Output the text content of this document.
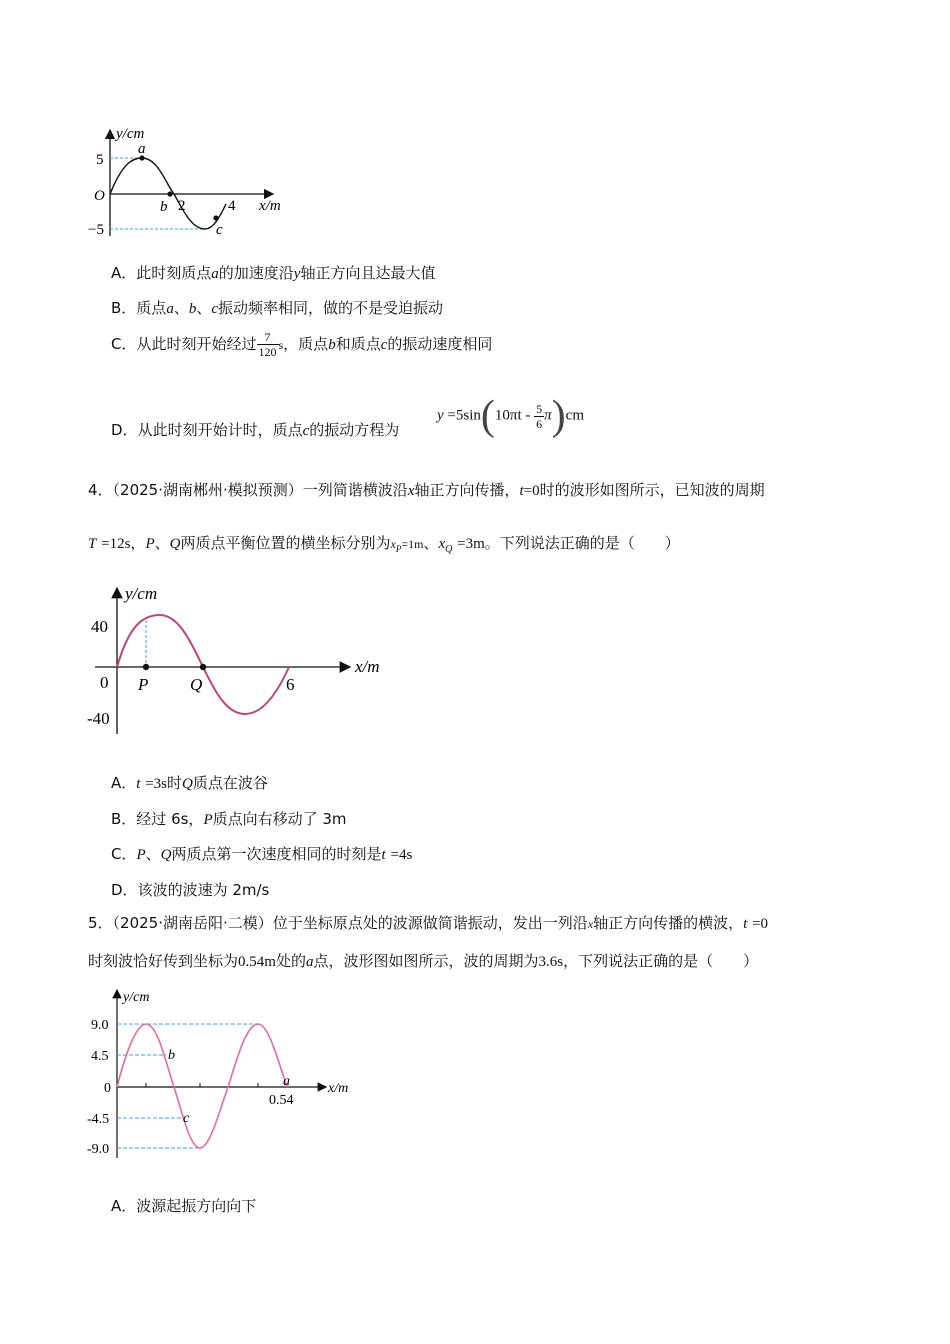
y/cm
5
−5
O
2	4 x/m
a
b
c
A．此时刻质点a的加速度沿y轴正方向且达最大值
B．质点a、b、c振动频率相同，做的不是受迫振动
C．从此时刻开始经过 $\frac{7}{120}$ s，质点b和质点c的振动速度相同
D．从此时刻开始计时，质点c的振动方程为
$y =5\sin(10\pi t - \frac{5}{6} \pi)cm$
4．（2025·湖南郴州·模拟预测）一列简谐横波沿x轴正方向传播，t=0时的波形如图所示，已知波的周期
T =12s，P、Q两质点平衡位置的横坐标分别为$x_P=1m$、$x_Q =3m$。下列说法正确的是（　　）
y/cm
40
-40
0 P Q	6
x/m
A．t =3s时Q质点在波谷
B．经过 6s，P质点向右移动了 3m
C．P、Q两质点第一次速度相同的时刻是t =4s
D．该波的波速为 2m/s
5．（2025·湖南岳阳·二模）位于坐标原点处的波源做简谐振动，发出一列沿x轴正方向传播的横波，t =0
时刻波恰好传到坐标为0.54m处的a点，波形图如图所示，波的周期为3.6s，下列说法正确的是（　　）
y/cm
9.0
4.5
0
-4.5
-9.0
b
c
a
0.54
x/m
A．波源起振方向向下
